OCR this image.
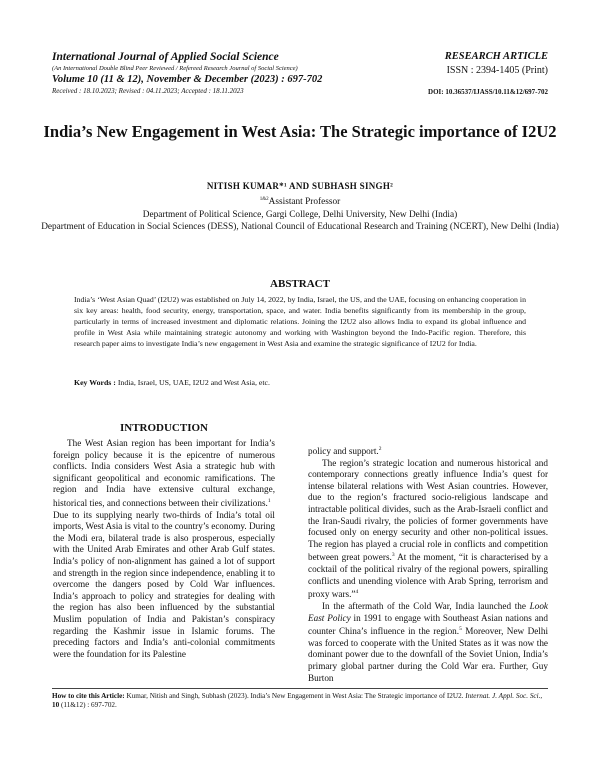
International Journal of Applied Social Science
(An International Double Blind Peer Reviewed / Refereed Research Journal of Social Science)
Volume 10 (11 & 12), November & December (2023) : 697-702
Received : 18.10.2023; Revised : 04.11.2023; Accepted : 18.11.2023
RESEARCH ARTICLE
ISSN : 2394-1405 (Print)
DOI: 10.36537/IJASS/10.11&12/697-702
India’s New Engagement in West Asia: The Strategic importance of I2U2
NITISH KUMAR*¹ AND SUBHASH SINGH²
$^{1\&2}$Assistant Professor
Department of Political Science, Gargi College, Delhi University, New Delhi (India)
Department of Education in Social Sciences (DESS), National Council of Educational Research and Training (NCERT), New Delhi (India)
ABSTRACT
India’s ‘West Asian Quad’ (I2U2) was established on July 14, 2022, by India, Israel, the US, and the UAE, focusing on enhancing cooperation in six key areas: health, food security, energy, transportation, space, and water. India benefits significantly from its membership in the group, particularly in terms of increased investment and diplomatic relations. Joining the I2U2 also allows India to expand its global influence and profile in West Asia while maintaining strategic autonomy and working with Washington beyond the Indo-Pacific region. Therefore, this research paper aims to investigate India’s new engagement in West Asia and examine the strategic significance of I2U2 for India.
Key Words : India, Israel, US, UAE, I2U2 and West Asia, etc.
INTRODUCTION

The West Asian region has been important for India’s foreign policy because it is the epicentre of numerous conflicts. India considers West Asia a strategic hub with significant geopolitical and economic ramifications. The region and India have extensive cultural exchange, historical ties, and connections between their civilizations.$^1$

Due to its supplying nearly two-thirds of India’s total oil imports, West Asia is vital to the country’s economy. During the Modi era, bilateral trade is also prosperous, especially with the United Arab Emirates and other Arab Gulf states. India’s policy of non-alignment has gained a lot of support and strength in the region since independence, enabling it to overcome the dangers posed by Cold War influences. India’s approach to policy and strategies for dealing with the region has also been influenced by the substantial Muslim population of India and Pakistan’s conspiracy regarding the Kashmir issue in Islamic forums. The preceding factors and India’s anti-colonial commitments were the foundation for its Palestine

policy and support.$^2$

The region’s strategic location and numerous historical and contemporary connections greatly influence India’s quest for intense bilateral relations with West Asian countries. However, due to the region’s fractured socio-religious landscape and intractable political divides, such as the Arab-Israeli conflict and the Iran-Saudi rivalry, the policies of former governments have focused only on energy security and other non-political issues. The region has played a crucial role in conflicts and competition between great powers.$^3$ At the moment, “it is characterised by a cocktail of the political rivalry of the regional powers, spiralling conflicts and unending violence with Arab Spring, terrorism and proxy wars.”$^4$

In the aftermath of the Cold War, India launched the Look East Policy in 1991 to engage with Southeast Asian nations and counter China’s influence in the region.$^5$ Moreover, New Delhi was forced to cooperate with the United States as it was now the dominant power due to the downfall of the Soviet Union, India’s primary global partner during the Cold War era. Further, Guy Burton

How to cite this Article: Kumar, Nitish and Singh, Subhash (2023). India’s New Engagement in West Asia: The Strategic importance of I2U2. Internat. J. Appl. Soc. Sci., 10 (11&12) : 697-702.
